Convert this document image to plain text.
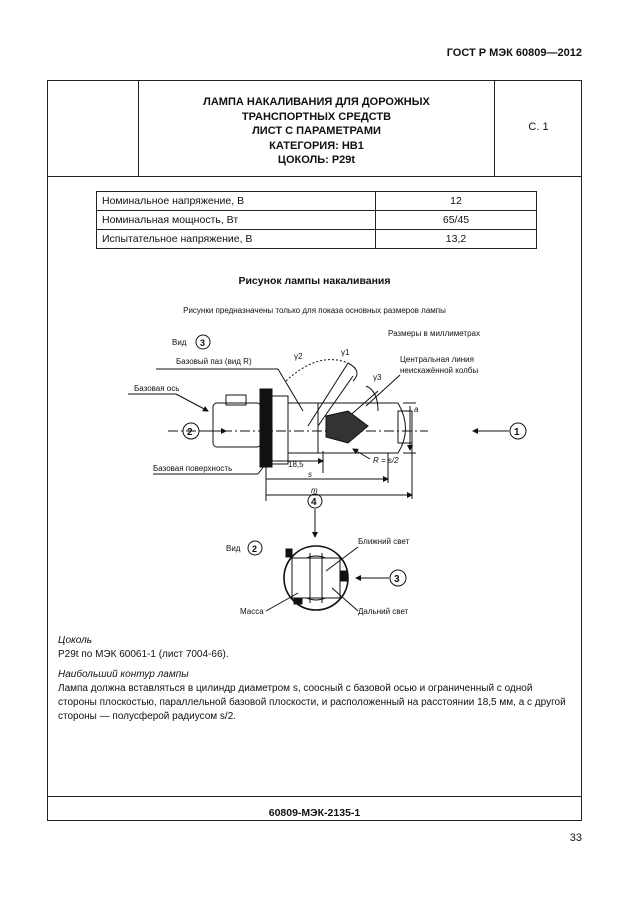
ГОСТ Р МЭК 60809—2012
ЛАМПА НАКАЛИВАНИЯ ДЛЯ ДОРОЖНЫХ
ТРАНСПОРТНЫХ СРЕДСТВ
ЛИСТ С ПАРАМЕТРАМИ
КАТЕГОРИЯ: HB1
ЦОКОЛЬ: P29t
С. 1
Номинальное напряжение, В	12
Номинальная мощность, Вт	65/45
Испытательное напряжение, В	13,2
Рисунок лампы накаливания
Рисунки предназначены только для показа основных размеров лампы
Вид 3
Базовый паз (вид R)
Размеры в миллиметрах
γ2	γ1
γ3
Центральная линия
неискажённой колбы
Базовая ось
2	1
a
Базовая поверхность	18,5
s
m
R = s/2
4
Вид 2
Ближний свет
Дальний свет
Масса
3
Цоколь
P29t по МЭК 60061-1 (лист 7004-66).
Наибольший контур лампы
Лампа должна вставляться в цилиндр диаметром s, соосный с базовой осью и ограниченный с одной стороны плоскостью, параллельной базовой плоскости, и расположенный на расстоянии 18,5 мм, а с другой стороны — полусферой радиусом s/2.
60809-МЭК-2135-1
33
